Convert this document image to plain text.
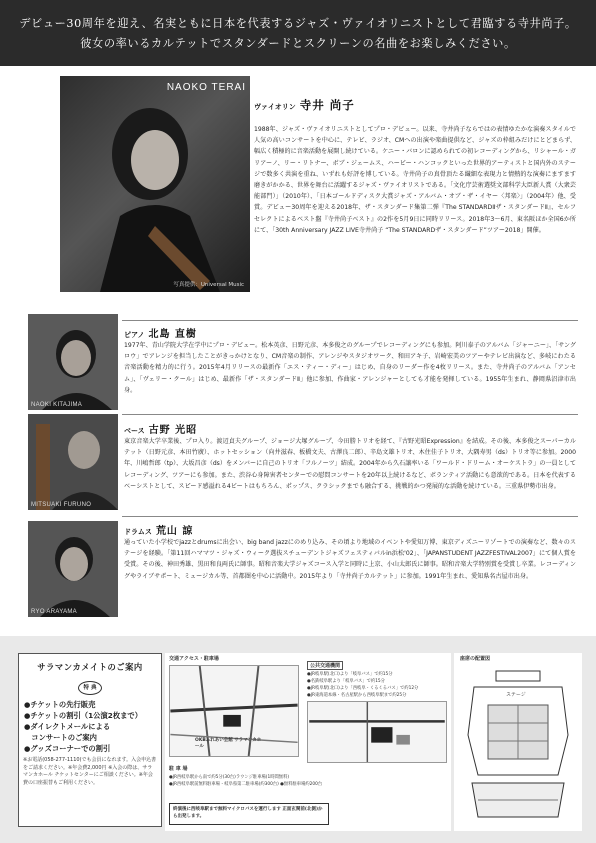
デビュー30周年を迎え、名実ともに日本を代表するジャズ・ヴァイオリニストとして君臨する寺井尚子。

彼女の率いるカルテットでスタンダードとスクリーンの名曲をお楽しみください。

NAOKO TERAI
写真提供：Universal Music
ヴァイオリン 寺井 尚子

1988年、ジャズ・ヴァイオリニストとしてプロ・デビュー。以来、寺井尚子ならではの表情ゆたかな演奏スタイルで人気の高いコンサートを中心に、テレビ、ラジオ、CMへの出演や楽曲提供など、ジャズの枠組みだけにとどまらず、幅広く積極的に音楽活動を展開し続けている。ケニー・バロンに認められての初レコーディングから、リシャール・ガリアーノ、リー・リトナー、ボブ・ジェームス、ハービー・ハンコックといった世界的アーティストと国内外のステージで数多く共演を重ね、いずれも好評を博している。寺井尚子の真骨頂たる繊細な表現力と情熱的な演奏にますます磨きがかかる、世界を舞台に活躍するジャズ・ヴァイオリストである。「文化庁芸術選奨文部科学大臣新人賞（大衆芸能部門）」（2010年）、「日本ゴールドディスク大賞ジャズ・アルバム・オブ・ザ・イヤー〈邦楽〉」（2004年）他、受賞。デビュー30周年を迎える2018年、ザ・スタンダード集第二弾『The STANDARDⅡザ・スタンダードⅡ』、セルフセレクトによるベスト盤『寺井尚子ベスト』の2作を5月9日に同時リリース。2018年3～6月、東名阪ほか全国6か所にて、「30th Anniversary JAZZ LIVE寺井尚子 “The STANDARDザ・スタンダード”ツアー2018」開催。

NAOKI KITAJIMA
ピアノ 北島 直樹

1977年、青山学院大学在学中にプロ・デビュー。松本英彦、日野元彦、本多俊之のグループでレコーディングにも参加。阿川泰子のアルバム「ジャーニー」、「サングロウ」でアレンジを担当したことがきっかけとなり、CM音楽の制作、アレンジやスタジオワーク、和田アキ子、岩崎宏美のツアーやテレビ出演など、多岐にわたる音楽活動を精力的に行う。2015年4月リリースの最新作「エス・ティー・ディー」はじめ、自身のリーダー作を4枚リリース。また、寺井尚子のアルバム「アンセム」、「ヴェリー・クール」はじめ、最新作「ザ・スタンダードⅡ」他に参加、作曲家・アレンジャーとしても才能を発揮している。1955年生まれ、静岡県沼津市出身。

MITSUAKI FURUNO
ベース 古野 光昭

東京音楽大学卒業後、プロ入り。渡辺貞夫グループ、ジョージ大塚グループ、今田勝トリオを経て、『古野光昭Expression』を結成。その後、本多俊之スーパーカルテット（日野元彦、本田竹廣）、ホットセッション（向井滋春、板橋文夫、古澤良二郎）、辛島文雄トリオ、木住佳子トリオ、大隅寿男（ds）トリオ等に参加。2000年、川嶋哲郎（tp）、大坂昌彦（ds）をメンバーに自己のトリオ「フルノーツ」結成。2004年から久石譲率いる「ワールド・ドリーム・オーケストラ」の一員としてレコーディング、ツアーにも参加。また、渋谷心身障害者センターでの慰問コンサートを20年以上続けるなど、ボランティア活動にも意欲的である。日本を代表するベーシストとして、スピード感溢れる4ビートはもちろん、ポップス、クラシックまでも融合する、挑戦的かつ発展的な活動を続けている。三重県伊勢市出身。

RYO ARAYAMA
ドラムス 荒山 諒

通っていた小学校でjazzとdrumsに出会い、big band jazzにのめり込み、その頃より地域のイベントや愛知万博、東京ディズニーリゾートでの演奏など、数々のステージを経験。「第11回ハママツ・ジャズ・ウィーク選抜スチューデントジャズフェスティバルin浜松'02」、「JAPANSTUDENT JAZZFESTIVAL2007」にて個人賞を受賞。その後、神田秀雄、黒田和良両氏に師事。昭和音楽大学ジャズコース入学と同時に上京、小山太郎氏に師事。昭和音楽大学特別賞を受賞し卒業。レコーディングやライブサポート、ミュージカル等、首都圏を中心に活動中。2015年より「寺井尚子カルテット」に参加。1991年生まれ、愛知県名古屋市出身。

サラマンカメイトのご案内
特 典
●チケットの先行販売
●チケットの割引（1公演2枚まで）
●ダイレクトメールによる
　コンサートのご案内
●グッズコーナーでの割引

※お電話(058-277-1110)でも会員になれます。入会申込書をご請求ください。※年会費2,000円 ※入会の際は、サラマンカホール チケットセンターにご相談ください。※年会費の口座振替もご利用ください。

交通アクセス・駐車場
OKBふれあい会館 サラマンカホール
公共交通機関

●JR岐阜駅(北口)より「岐阜バス」で約15分

●名鉄岐阜駅より「岐阜バス」で約15分

●JR岐阜駅(北口)より「西岐阜・くるくるバス」で約12分

●JR東海道本線・名古屋駅から西岐阜駅まで約25分

駐 車 場

●JR西岐阜駅から南で約5分(30台)ラウンジ駐車場(1時間無料)
●JR西岐阜駅前無料駐車場・岐阜県第二駐車場(約300台) ●無料駐車場約200台

終演後に西岐阜駅まで無料マイクロバスを運行します 正面玄関前(北側)から出発します。

座席の配置図
ステージ
